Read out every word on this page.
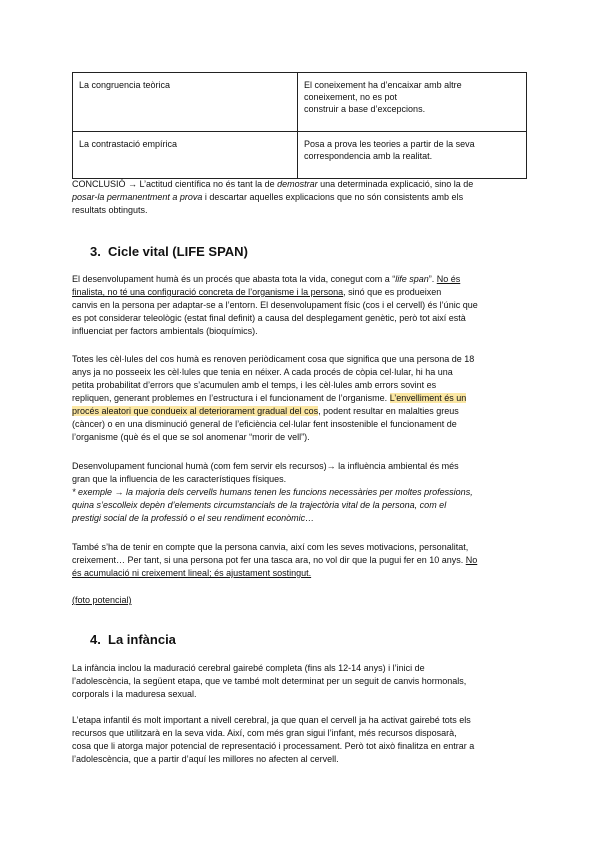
La congruencia teòrica	El coneixement ha d’encaixar amb altre
coneixement, no es pot
construir a base d’excepcions.

La contrastació empírica	Posa a prova les teories a partir de la seva
correspondencia amb la realitat.
CONCLUSIÓ → L’actitud científica no és tant la de demostrar una determinada explicació, sino la de
posar-la permanentment a prova i descartar aquelles explicacions que no són consistents amb els
resultats obtinguts.
3. Cicle vital (LIFE SPAN)
El desenvolupament humà és un procés que abasta tota la vida, conegut com a “life span”. No és
finalista, no té una configuració concreta de l’organisme i la persona, sinó que es produeixen
canvis en la persona per adaptar-se a l’entorn. El desenvolupament físic (cos i el cervell) és l’únic que
es pot considerar teleològic (estat final definit) a causa del desplegament genètic, però tot així està
influenciat per factors ambientals (bioquímics).
Totes les cèl·lules del cos humà es renoven periòdicament cosa que significa que una persona de 18
anys ja no posseeix les cèl·lules que tenia en néixer. A cada procés de còpia cel·lular, hi ha una
petita probabilitat d’errors que s’acumulen amb el temps, i les cèl·lules amb errors sovint es
repliquen, generant problemes en l’estructura i el funcionament de l’organisme. L’envelliment és un
procés aleatori que condueix al deteriorament gradual del cos, podent resultar en malalties greus
(càncer) o en una disminució general de l’eficiència cel·lular fent insostenible el funcionament de
l’organisme (què és el que se sol anomenar “morir de vell”).
Desenvolupament funcional humà (com fem servir els recursos)→ la influència ambiental és més
gran que la influencia de les característiques físiques.
* exemple → la majoria dels cervells humans tenen les funcions necessàries per moltes professions,
quina s’escolleix depèn d’elements circumstancials de la trajectòria vital de la persona, com el
prestigi social de la professió o el seu rendiment econòmic…
També s’ha de tenir en compte que la persona canvia, així com les seves motivacions, personalitat,
creixement… Per tant, si una persona pot fer una tasca ara, no vol dir que la pugui fer en 10 anys. No
és acumulació ni creixement lineal; és ajustament sostingut.
(foto potencial)
4. La infància
La infància inclou la maduració cerebral gairebé completa (fins als 12-14 anys) i l’inici de
l’adolescència, la següent etapa, que ve també molt determinat per un seguit de canvis hormonals,
corporals i la maduresa sexual.
L’etapa infantil és molt important a nivell cerebral, ja que quan el cervell ja ha activat gairebé tots els
recursos que utilitzarà en la seva vida. Així, com més gran sigui l’infant, més recursos disposarà,
cosa que li atorga major potencial de representació i processament. Però tot això finalitza en entrar a
l’adolescència, que a partir d’aquí les millores no afecten al cervell.
